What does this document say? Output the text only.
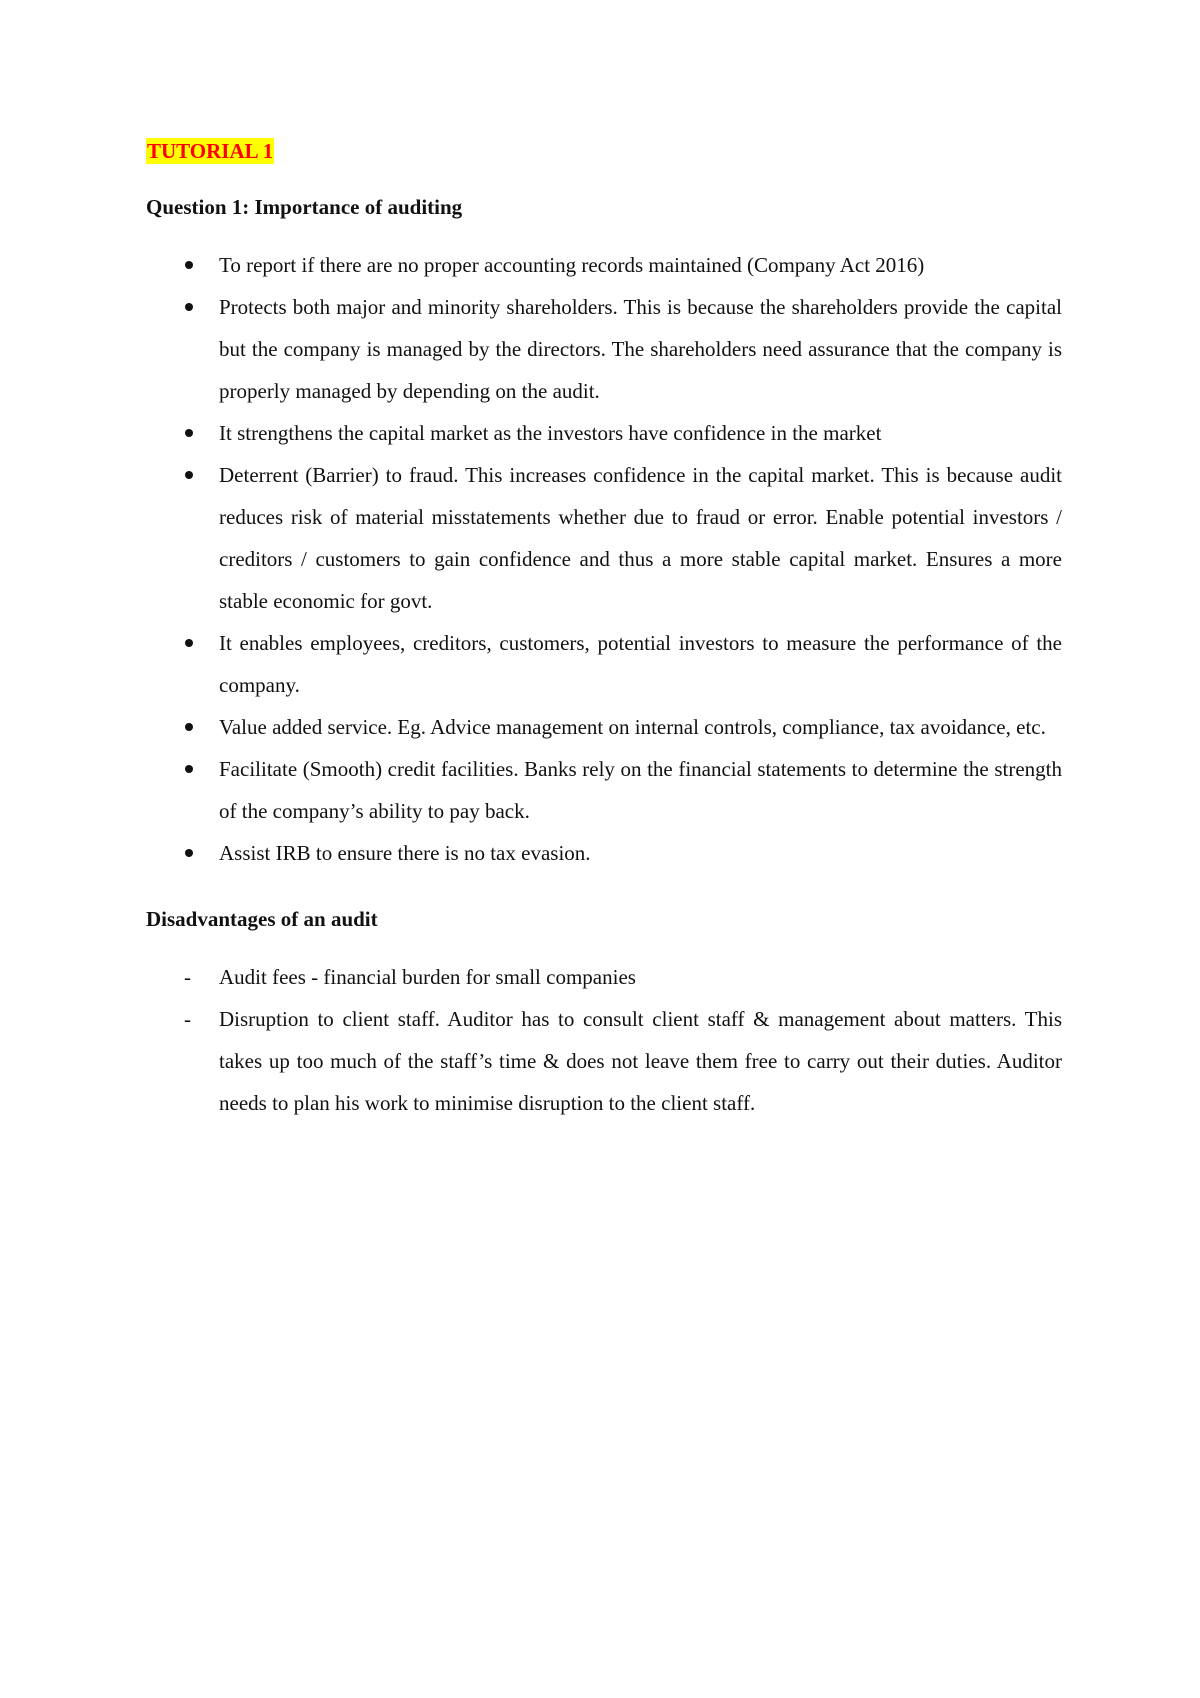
TUTORIAL 1
Question 1: Importance of auditing
To report if there are no proper accounting records maintained (Company Act 2016)
Protects both major and minority shareholders. This is because the shareholders provide the capital but the company is managed by the directors. The shareholders need assurance that the company is properly managed by depending on the audit.
It strengthens the capital market as the investors have confidence in the market
Deterrent (Barrier) to fraud. This increases confidence in the capital market. This is because audit reduces risk of material misstatements whether due to fraud or error. Enable potential investors / creditors / customers to gain confidence and thus a more stable capital market. Ensures a more stable economic for govt.
It enables employees, creditors, customers, potential investors to measure the performance of the company.
Value added service. Eg. Advice management on internal controls, compliance, tax avoidance, etc.
Facilitate (Smooth) credit facilities. Banks rely on the financial statements to determine the strength of the company’s ability to pay back.
Assist IRB to ensure there is no tax evasion.
Disadvantages of an audit
- Audit fees - financial burden for small companies
- Disruption to client staff. Auditor has to consult client staff & management about matters. This takes up too much of the staff’s time & does not leave them free to carry out their duties. Auditor needs to plan his work to minimise disruption to the client staff.
